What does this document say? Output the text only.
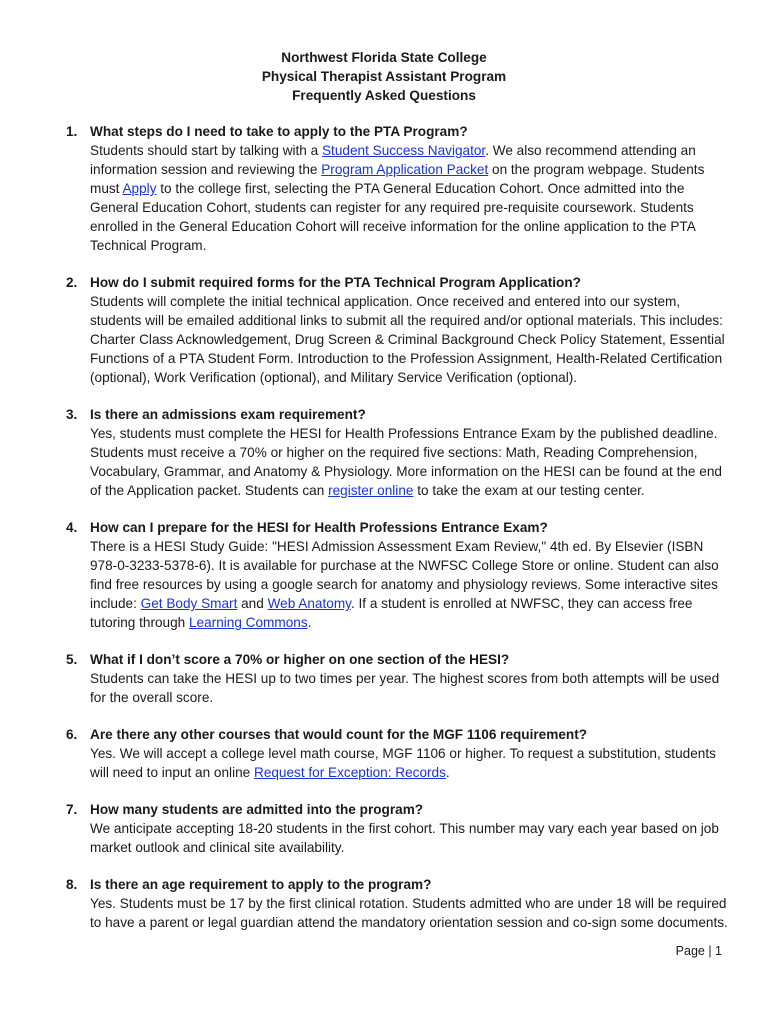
Northwest Florida State College
Physical Therapist Assistant Program
Frequently Asked Questions
1. What steps do I need to take to apply to the PTA Program?
Students should start by talking with a Student Success Navigator. We also recommend attending an information session and reviewing the Program Application Packet on the program webpage. Students must Apply to the college first, selecting the PTA General Education Cohort. Once admitted into the General Education Cohort, students can register for any required pre-requisite coursework. Students enrolled in the General Education Cohort will receive information for the online application to the PTA Technical Program.
2. How do I submit required forms for the PTA Technical Program Application?
Students will complete the initial technical application. Once received and entered into our system, students will be emailed additional links to submit all the required and/or optional materials. This includes: Charter Class Acknowledgement, Drug Screen & Criminal Background Check Policy Statement, Essential Functions of a PTA Student Form. Introduction to the Profession Assignment, Health-Related Certification (optional), Work Verification (optional), and Military Service Verification (optional).
3. Is there an admissions exam requirement?
Yes, students must complete the HESI for Health Professions Entrance Exam by the published deadline. Students must receive a 70% or higher on the required five sections: Math, Reading Comprehension, Vocabulary, Grammar, and Anatomy & Physiology. More information on the HESI can be found at the end of the Application packet. Students can register online to take the exam at our testing center.
4. How can I prepare for the HESI for Health Professions Entrance Exam?
There is a HESI Study Guide: "HESI Admission Assessment Exam Review," 4th ed. By Elsevier (ISBN 978-0-3233-5378-6). It is available for purchase at the NWFSC College Store or online. Student can also find free resources by using a google search for anatomy and physiology reviews. Some interactive sites include: Get Body Smart and Web Anatomy. If a student is enrolled at NWFSC, they can access free tutoring through Learning Commons.
5. What if I don’t score a 70% or higher on one section of the HESI?
Students can take the HESI up to two times per year. The highest scores from both attempts will be used for the overall score.
6. Are there any other courses that would count for the MGF 1106 requirement?
Yes. We will accept a college level math course, MGF 1106 or higher. To request a substitution, students will need to input an online Request for Exception: Records.
7. How many students are admitted into the program?
We anticipate accepting 18-20 students in the first cohort. This number may vary each year based on job market outlook and clinical site availability.
8. Is there an age requirement to apply to the program?
Yes. Students must be 17 by the first clinical rotation. Students admitted who are under 18 will be required to have a parent or legal guardian attend the mandatory orientation session and co-sign some documents.
Page | 1
